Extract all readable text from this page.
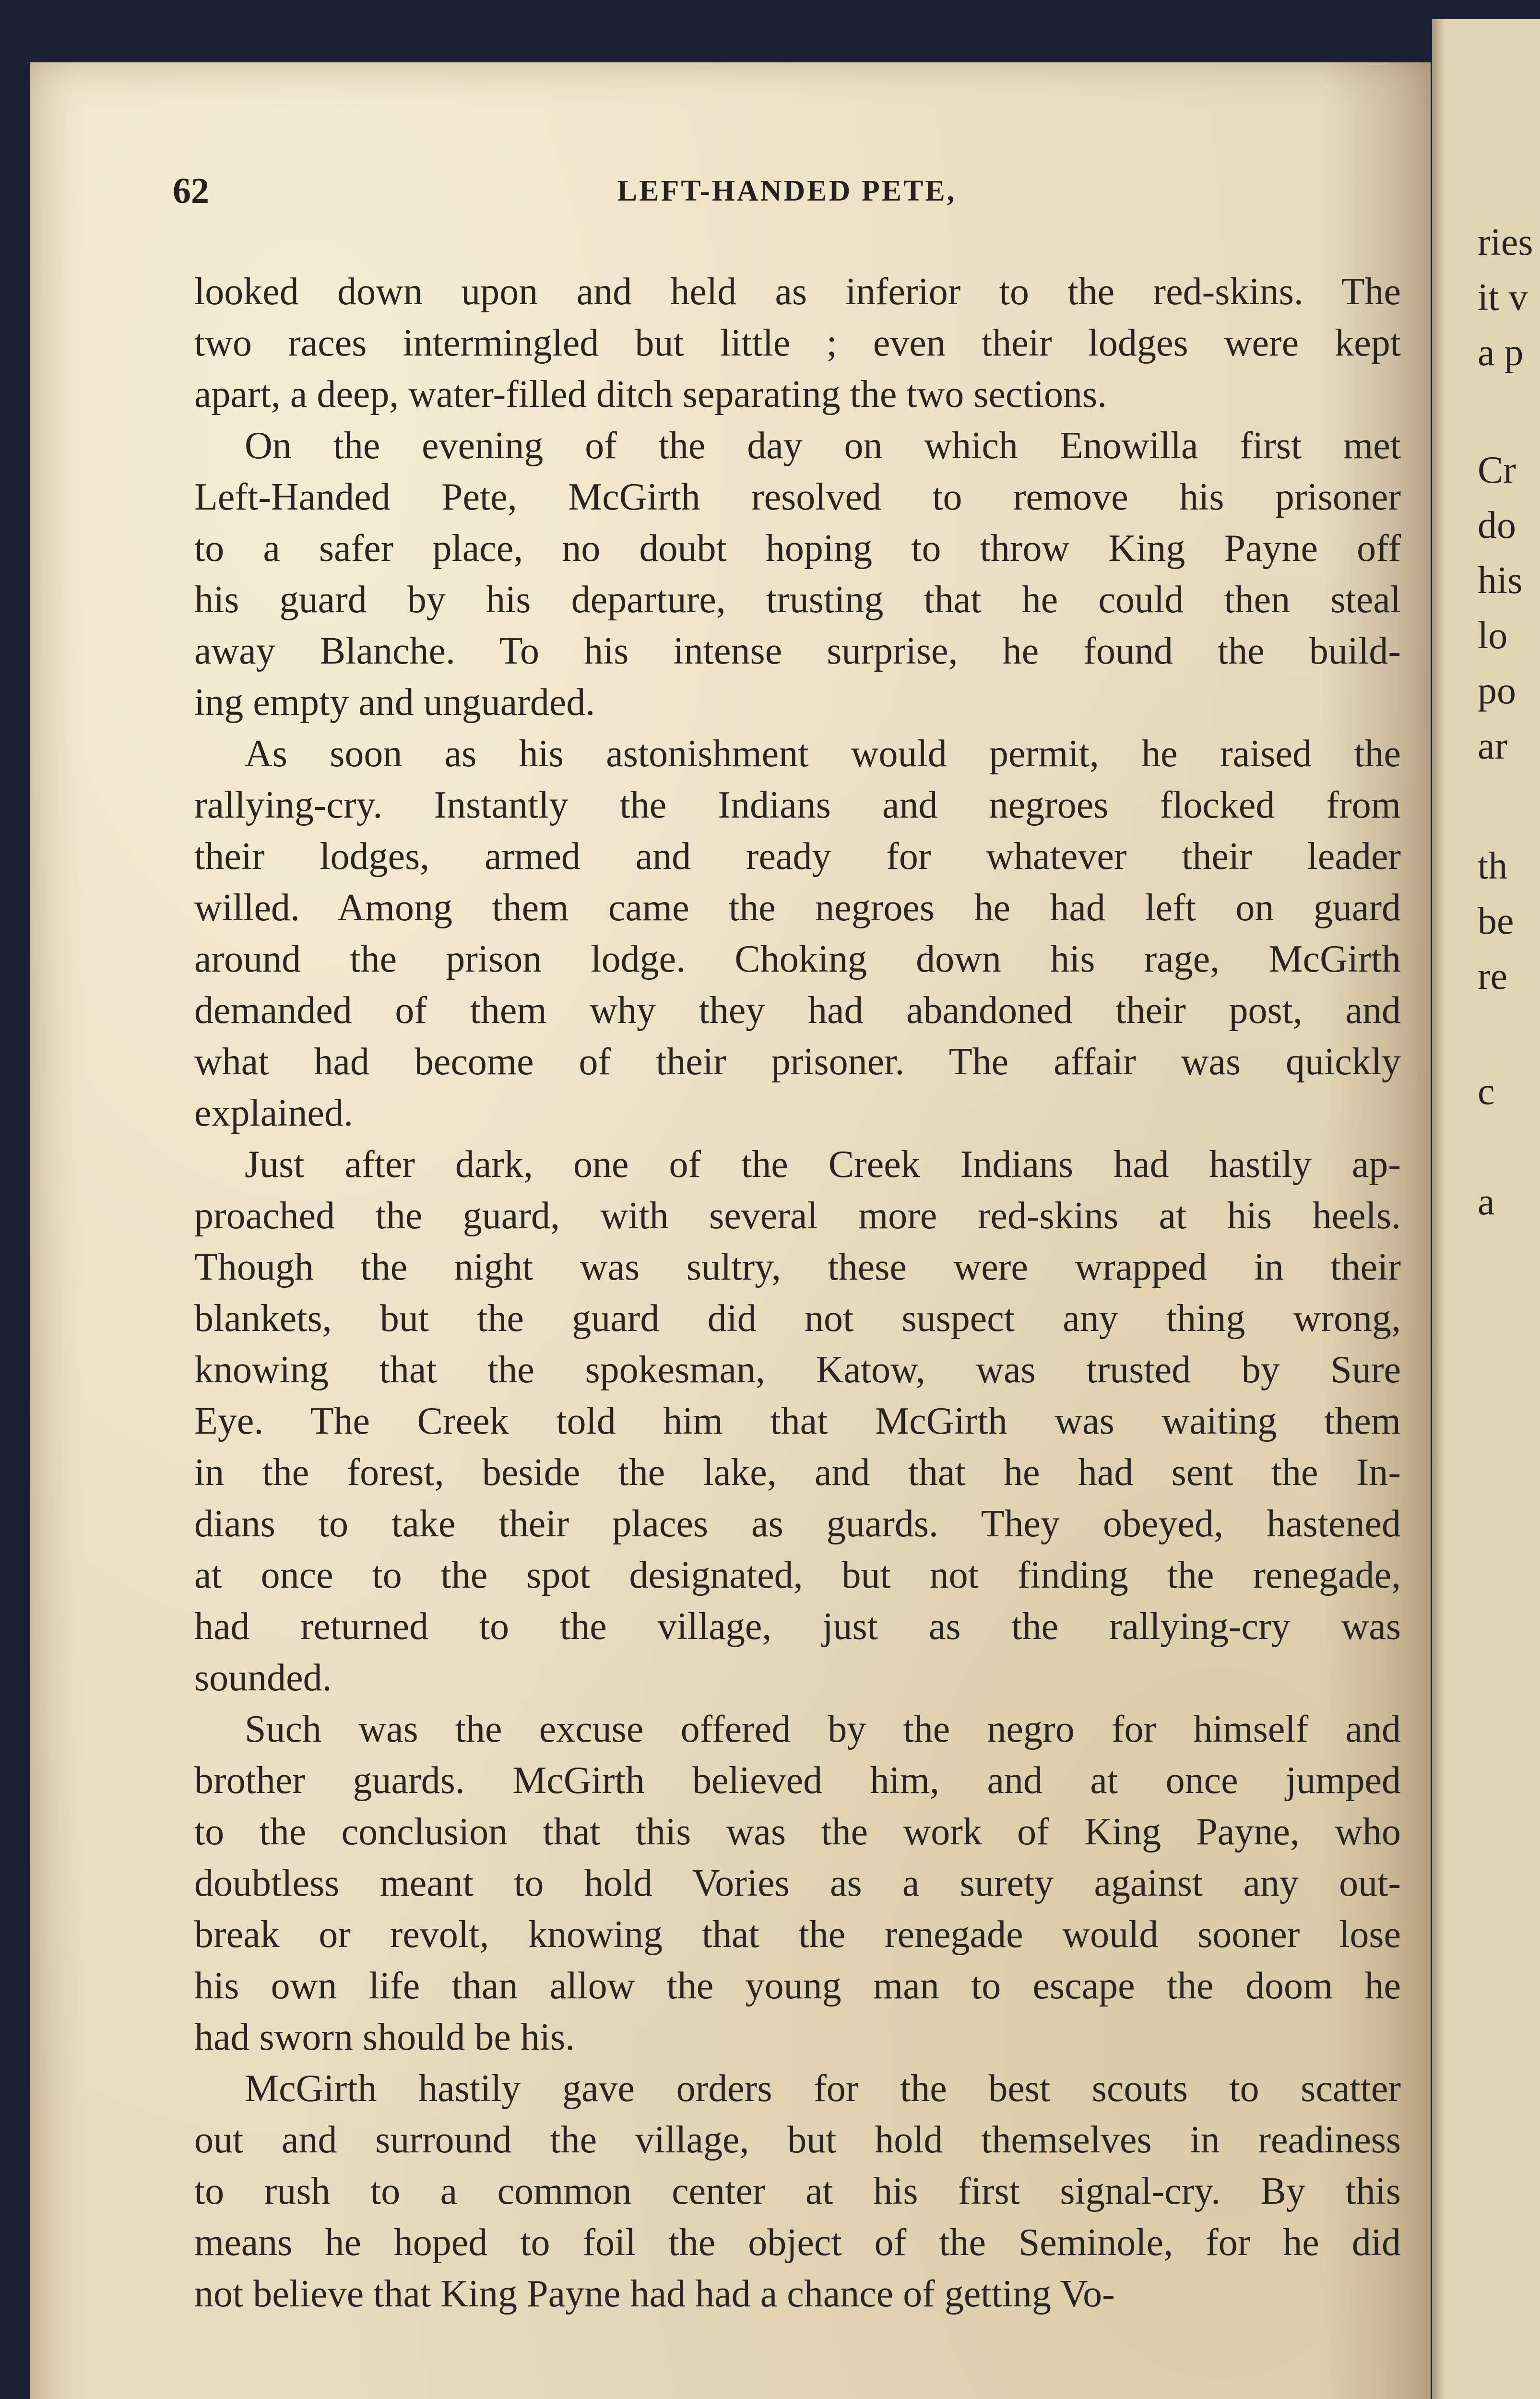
ries
it v
a p
Cr
do
his
lo
po
ar
th
be
re
c
a
62	LEFT-HANDED PETE,
looked down upon and held as inferior to the red-skins. The
two races intermingled but little ; even their lodges were kept
apart, a deep, water-filled ditch separating the two sections.
On the evening of the day on which Enowilla first met
Left-Handed Pete, McGirth resolved to remove his prisoner
to a safer place, no doubt hoping to throw King Payne off
his guard by his departure, trusting that he could then steal
away Blanche. To his intense surprise, he found the build-
ing empty and unguarded.
As soon as his astonishment would permit, he raised the
rallying-cry. Instantly the Indians and negroes flocked from
their lodges, armed and ready for whatever their leader
willed. Among them came the negroes he had left on guard
around the prison lodge. Choking down his rage, McGirth
demanded of them why they had abandoned their post, and
what had become of their prisoner. The affair was quickly
explained.
Just after dark, one of the Creek Indians had hastily ap-
proached the guard, with several more red-skins at his heels.
Though the night was sultry, these were wrapped in their
blankets, but the guard did not suspect any thing wrong,
knowing that the spokesman, Katow, was trusted by Sure
Eye. The Creek told him that McGirth was waiting them
in the forest, beside the lake, and that he had sent the In-
dians to take their places as guards. They obeyed, hastened
at once to the spot designated, but not finding the renegade,
had returned to the village, just as the rallying-cry was
sounded.
Such was the excuse offered by the negro for himself and
brother guards. McGirth believed him, and at once jumped
to the conclusion that this was the work of King Payne, who
doubtless meant to hold Vories as a surety against any out-
break or revolt, knowing that the renegade would sooner lose
his own life than allow the young man to escape the doom he
had sworn should be his.
McGirth hastily gave orders for the best scouts to scatter
out and surround the village, but hold themselves in readiness
to rush to a common center at his first signal-cry. By this
means he hoped to foil the object of the Seminole, for he did
not believe that King Payne had had a chance of getting Vo-
